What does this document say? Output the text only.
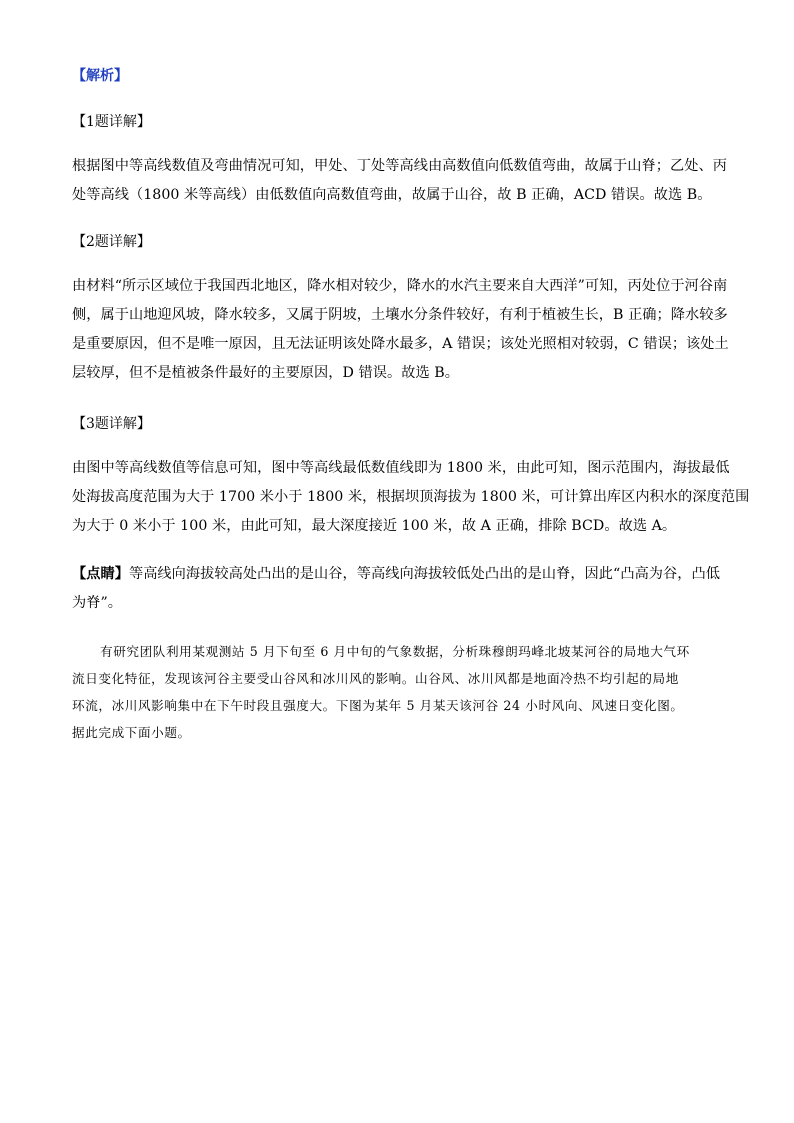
【解析】
【1题详解】
根据图中等高线数值及弯曲情况可知，甲处、丁处等高线由高数值向低数值弯曲，故属于山脊；乙处、丙
处等高线（1800 米等高线）由低数值向高数值弯曲，故属于山谷，故 B 正确，ACD 错误。故选 B。
【2题详解】
由材料“所示区域位于我国西北地区，降水相对较少，降水的水汽主要来自大西洋”可知，丙处位于河谷南
侧，属于山地迎风坡，降水较多，又属于阴坡，土壤水分条件较好，有利于植被生长，B 正确；降水较多
是重要原因，但不是唯一原因，且无法证明该处降水最多，A 错误；该处光照相对较弱，C 错误；该处土
层较厚，但不是植被条件最好的主要原因，D 错误。故选 B。
【3题详解】
由图中等高线数值等信息可知，图中等高线最低数值线即为 1800 米，由此可知，图示范围内，海拔最低
处海拔高度范围为大于 1700 米小于 1800 米，根据坝顶海拔为 1800 米，可计算出库区内积水的深度范围
为大于 0 米小于 100 米，由此可知，最大深度接近 100 米，故 A 正确，排除 BCD。故选 A。
【点睛】等高线向海拔较高处凸出的是山谷，等高线向海拔较低处凸出的是山脊，因此“凸高为谷，凸低
为脊”。
有研究团队利用某观测站 5 月下旬至 6 月中旬的气象数据，分析珠穆朗玛峰北坡某河谷的局地大气环
流日变化特征，发现该河谷主要受山谷风和冰川风的影响。山谷风、冰川风都是地面冷热不均引起的局地
环流，冰川风影响集中在下午时段且强度大。下图为某年 5 月某天该河谷 24 小时风向、风速日变化图。
据此完成下面小题。
